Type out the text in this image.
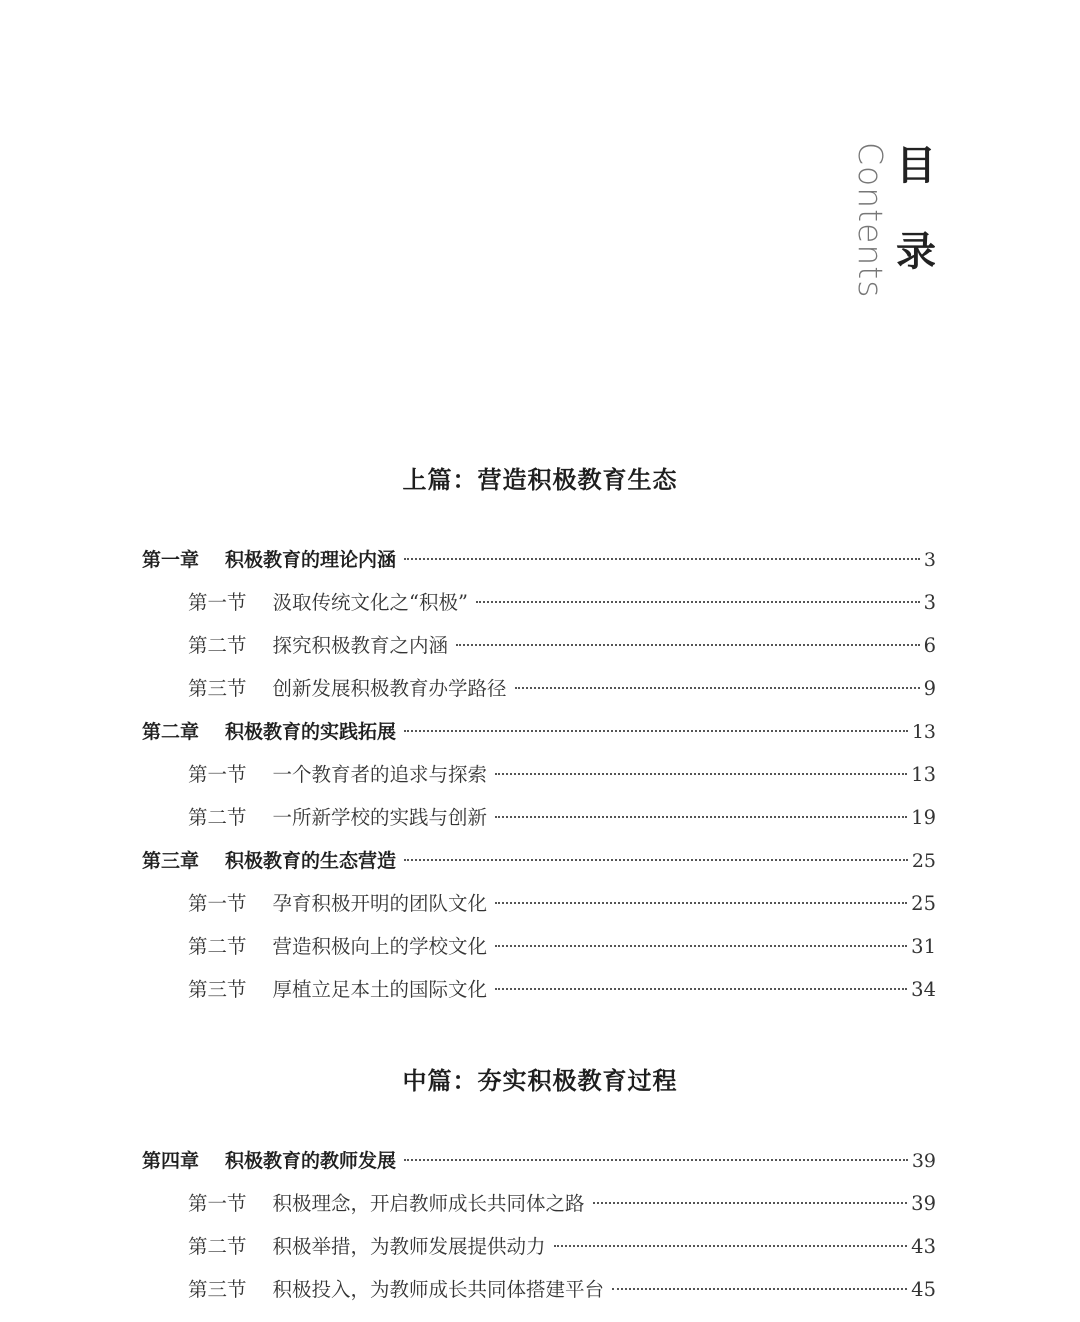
Contents 目
录
上篇：营造积极教育生态
中篇：夯实积极教育过程
第一章 积极教育的理论内涵	3
第一节 汲取传统文化之“积极”	3
第二节 探究积极教育之内涵	6
第三节 创新发展积极教育办学路径	9
第二章 积极教育的实践拓展	13
第一节 一个教育者的追求与探索	13
第二节 一所新学校的实践与创新	19
第三章 积极教育的生态营造	25
第一节 孕育积极开明的团队文化	25
第二节 营造积极向上的学校文化	31
第三节 厚植立足本土的国际文化	34
第四章 积极教育的教师发展	39
第一节 积极理念，开启教师成长共同体之路	39
第二节 积极举措，为教师发展提供动力	43
第三节 积极投入，为教师成长共同体搭建平台	45
